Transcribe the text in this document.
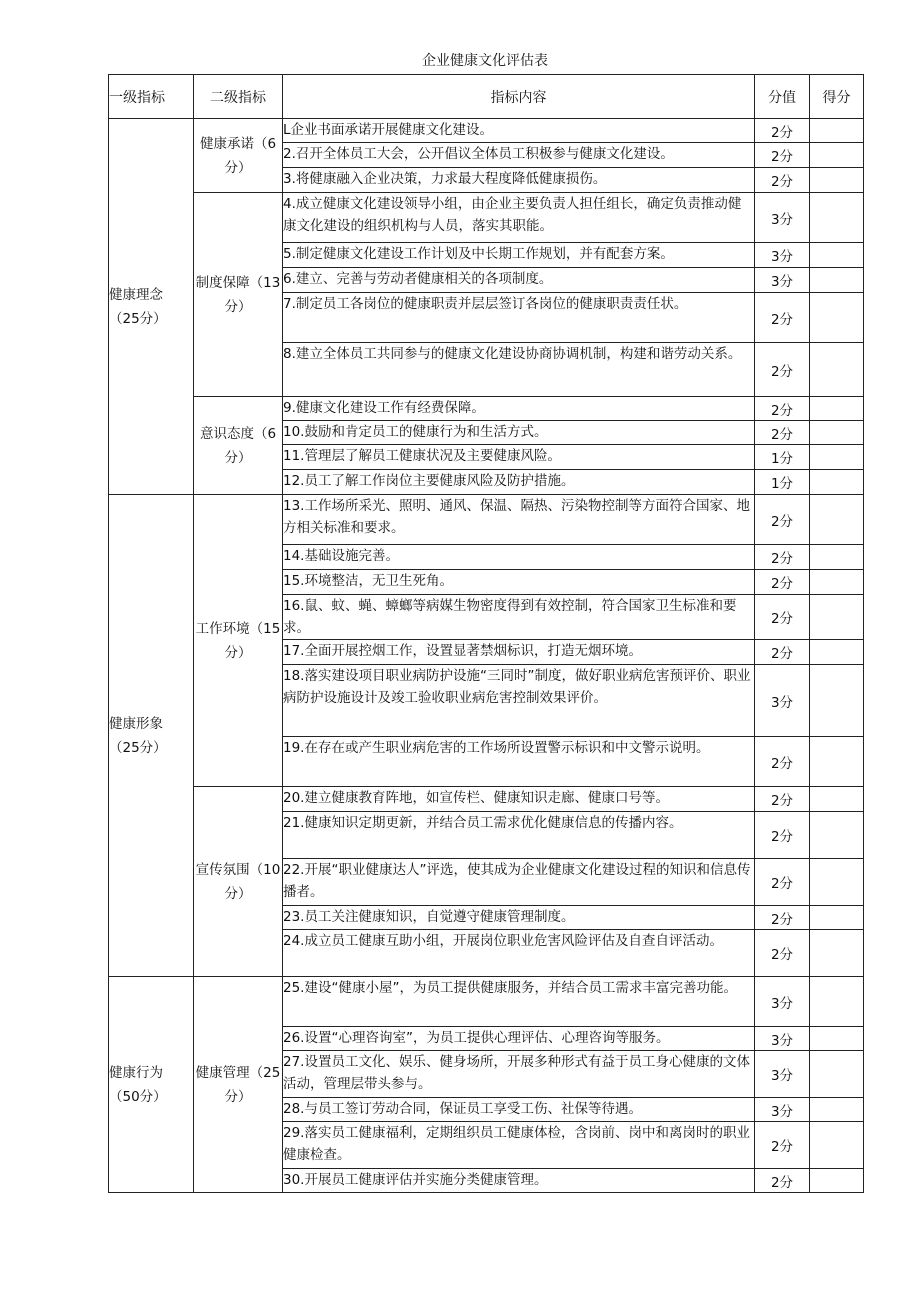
企业健康文化评估表
一级指标	二级指标	指标内容	分值	得分
健康理念（25分）	健康承诺（6分）	L企业书面承诺开展健康文化建设。	2分	
		2.召开全体员工大会，公开倡议全体员工积极参与健康文化建设。	2分	
		3.将健康融入企业决策，力求最大程度降低健康损伤。	2分	
	制度保障（13分）	4.成立健康文化建设领导小组，由企业主要负责人担任组长，确定负责推动健康文化建设的组织机构与人员，落实其职能。	3分	
		5.制定健康文化建设工作计划及中长期工作规划，并有配套方案。	3分	
		6.建立、完善与劳动者健康相关的各项制度。	3分	
		7.制定员工各岗位的健康职责并层层签订各岗位的健康职责责任状。	2分	
		8.建立全体员工共同参与的健康文化建设协商协调机制，构建和谐劳动关系。	2分	
	意识态度（6分）	9.健康文化建设工作有经费保障。	2分	
		10.鼓励和肯定员工的健康行为和生活方式。	2分	
		11.管理层了解员工健康状况及主要健康风险。	1分	
		12.员工了解工作岗位主要健康风险及防护措施。	1分	
健康形象（25分）	工作环境（15分）	13.工作场所采光、照明、通风、保温、隔热、污染物控制等方面符合国家、地方相关标准和要求。	2分	
		14.基础设施完善。	2分	
		15.环境整洁，无卫生死角。	2分	
		16.鼠、蚊、蝇、蟑螂等病媒生物密度得到有效控制，符合国家卫生标准和要求。	2分	
		17.全面开展控烟工作，设置显著禁烟标识，打造无烟环境。	2分	
		18.落实建设项目职业病防护设施“三同时”制度，做好职业病危害预评价、职业病防护设施设计及竣工验收职业病危害控制效果评价。	3分	
		19.在存在或产生职业病危害的工作场所设置警示标识和中文警示说明。	2分	
	宣传氛围（10分）	20.建立健康教育阵地，如宣传栏、健康知识走廊、健康口号等。	2分	
		21.健康知识定期更新，并结合员工需求优化健康信息的传播内容。	2分	
		22.开展“职业健康达人”评选，使其成为企业健康文化建设过程的知识和信息传播者。	2分	
		23.员工关注健康知识，自觉遵守健康管理制度。	2分	
		24.成立员工健康互助小组，开展岗位职业危害风险评估及自查自评活动。	2分	
健康行为（50分）	健康管理（25分）	25.建设“健康小屋”，为员工提供健康服务，并结合员工需求丰富完善功能。	3分	
		26.设置“心理咨询室”，为员工提供心理评估、心理咨询等服务。	3分	
		27.设置员工文化、娱乐、健身场所，开展多种形式有益于员工身心健康的文体活动，管理层带头参与。	3分	
		28.与员工签订劳动合同，保证员工享受工伤、社保等待遇。	3分	
		29.落实员工健康福利，定期组织员工健康体检，含岗前、岗中和离岗时的职业健康检查。	2分	
		30.开展员工健康评估并实施分类健康管理。	2分	
